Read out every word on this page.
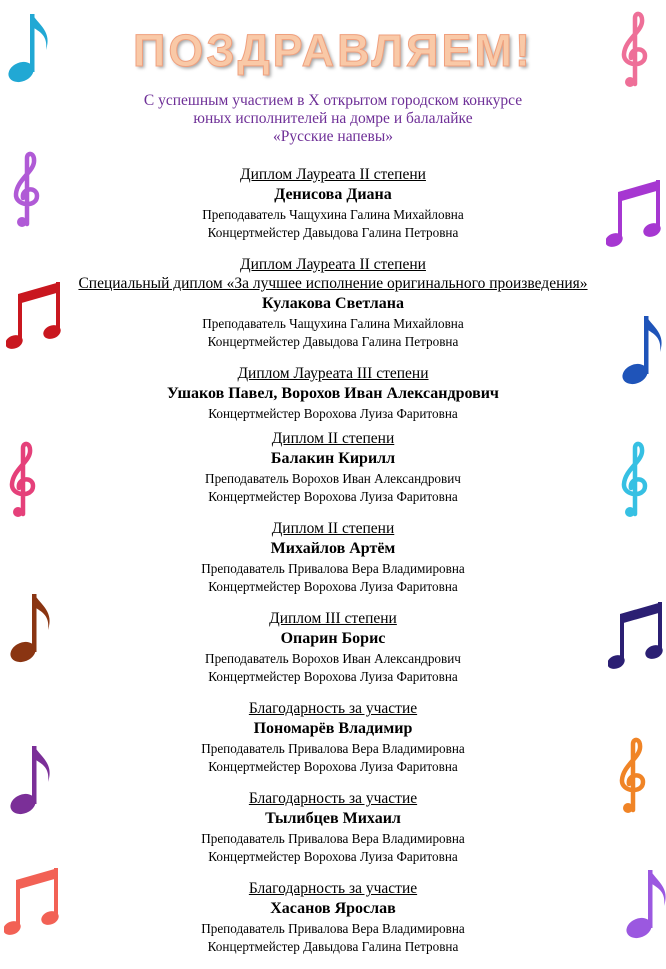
ПОЗДРАВЛЯЕМ!
С успешным участием в Х открытом городском конкурсе
юных исполнителей на домре и балалайке
«Русские напевы»
Диплом Лауреата II степени
Денисова Диана
Преподаватель Чащухина Галина Михайловна
Концертмейстер Давыдова Галина Петровна
Диплом Лауреата II степени
Специальный диплом «За лучшее исполнение оригинального произведения»
Кулакова Светлана
Преподаватель Чащухина Галина Михайловна
Концертмейстер Давыдова Галина Петровна
Диплом Лауреата III степени
Ушаков Павел, Ворохов Иван Александрович
Концертмейстер Ворохова Луиза Фаритовна
Диплом II степени
Балакин Кирилл
Преподаватель Ворохов Иван Александрович
Концертмейстер Ворохова Луиза Фаритовна
Диплом II степени
Михайлов Артём
Преподаватель Привалова Вера Владимировна
Концертмейстер Ворохова Луиза Фаритовна
Диплом III степени
Опарин Борис
Преподаватель Ворохов Иван Александрович
Концертмейстер Ворохова Луиза Фаритовна
Благодарность за участие
Пономарёв Владимир
Преподаватель Привалова Вера Владимировна
Концертмейстер Ворохова Луиза Фаритовна
Благодарность за участие
Тылибцев Михаил
Преподаватель Привалова Вера Владимировна
Концертмейстер Ворохова Луиза Фаритовна
Благодарность за участие
Хасанов Ярослав
Преподаватель Привалова Вера Владимировна
Концертмейстер Давыдова Галина Петровна
